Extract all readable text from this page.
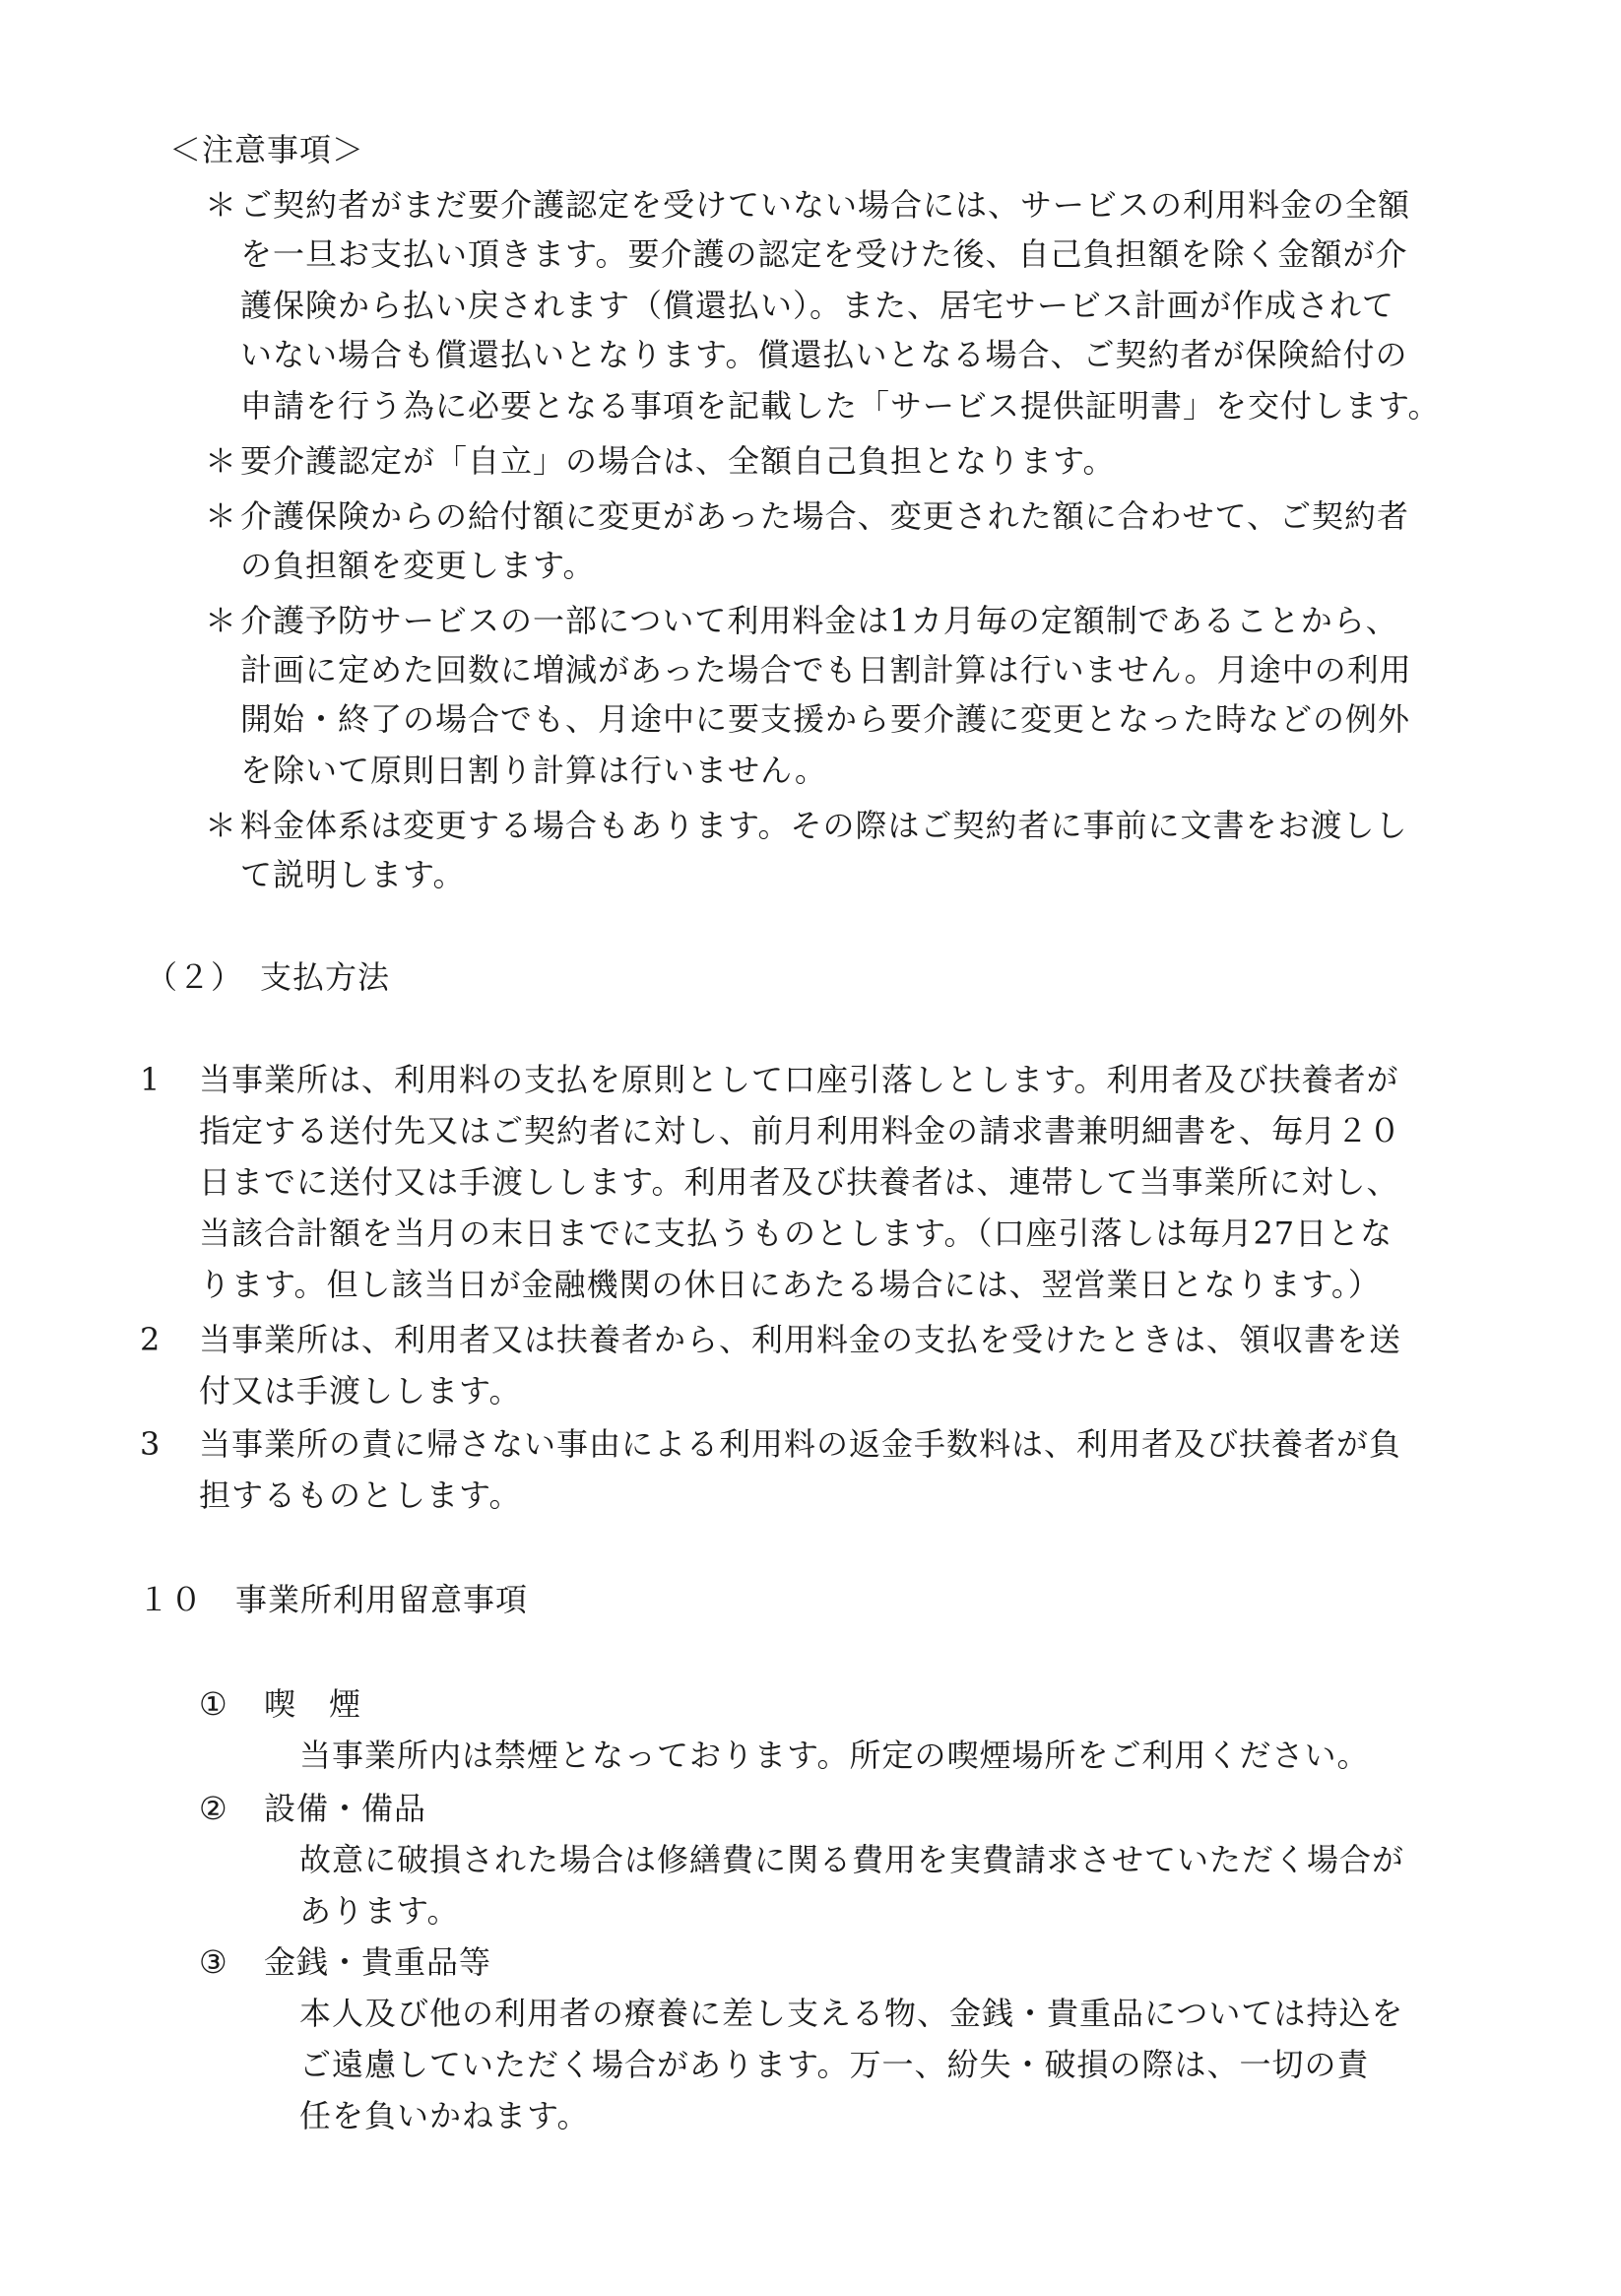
＜注意事項＞
＊ ご契約者がまだ要介護認定を受けていない場合には、サービスの利用料金の全額
を一旦お支払い頂きます。要介護の認定を受けた後、自己負担額を除く金額が介
護保険から払い戻されます（償還払い）。また、居宅サービス計画が作成されて
いない場合も償還払いとなります。償還払いとなる場合、ご契約者が保険給付の
申請を行う為に必要となる事項を記載した「サービス提供証明書」を交付します。
＊ 要介護認定が「自立」の場合は、全額自己負担となります。
＊ 介護保険からの給付額に変更があった場合、変更された額に合わせて、ご契約者
の負担額を変更します。
＊ 介護予防サービスの一部について利用料金は1カ月毎の定額制であることから、
計画に定めた回数に増減があった場合でも日割計算は行いません。月途中の利用
開始・終了の場合でも、月途中に要支援から要介護に変更となった時などの例外
を除いて原則日割り計算は行いません。
＊ 料金体系は変更する場合もあります。その際はご契約者に事前に文書をお渡しし
て説明します。
（２）　支払方法
1 当事業所は、利用料の支払を原則として口座引落しとします。利用者及び扶養者が
指定する送付先又はご契約者に対し、前月利用料金の請求書兼明細書を、毎月２０
日までに送付又は手渡しします。利用者及び扶養者は、連帯して当事業所に対し、
当該合計額を当月の末日までに支払うものとします。（口座引落しは毎月27日とな
ります。但し該当日が金融機関の休日にあたる場合には、翌営業日となります。）
2 当事業所は、利用者又は扶養者から、利用料金の支払を受けたときは、領収書を送
付又は手渡しします。
3 当事業所の責に帰さない事由による利用料の返金手数料は、利用者及び扶養者が負
担するものとします。
１０　事業所利用留意事項
① 喫　煙
当事業所内は禁煙となっております。所定の喫煙場所をご利用ください。
② 設備・備品
故意に破損された場合は修繕費に関る費用を実費請求させていただく場合が
あります。
③ 金銭・貴重品等
本人及び他の利用者の療養に差し支える物、金銭・貴重品については持込を
ご遠慮していただく場合があります。万一、紛失・破損の際は、一切の責
任を負いかねます。
